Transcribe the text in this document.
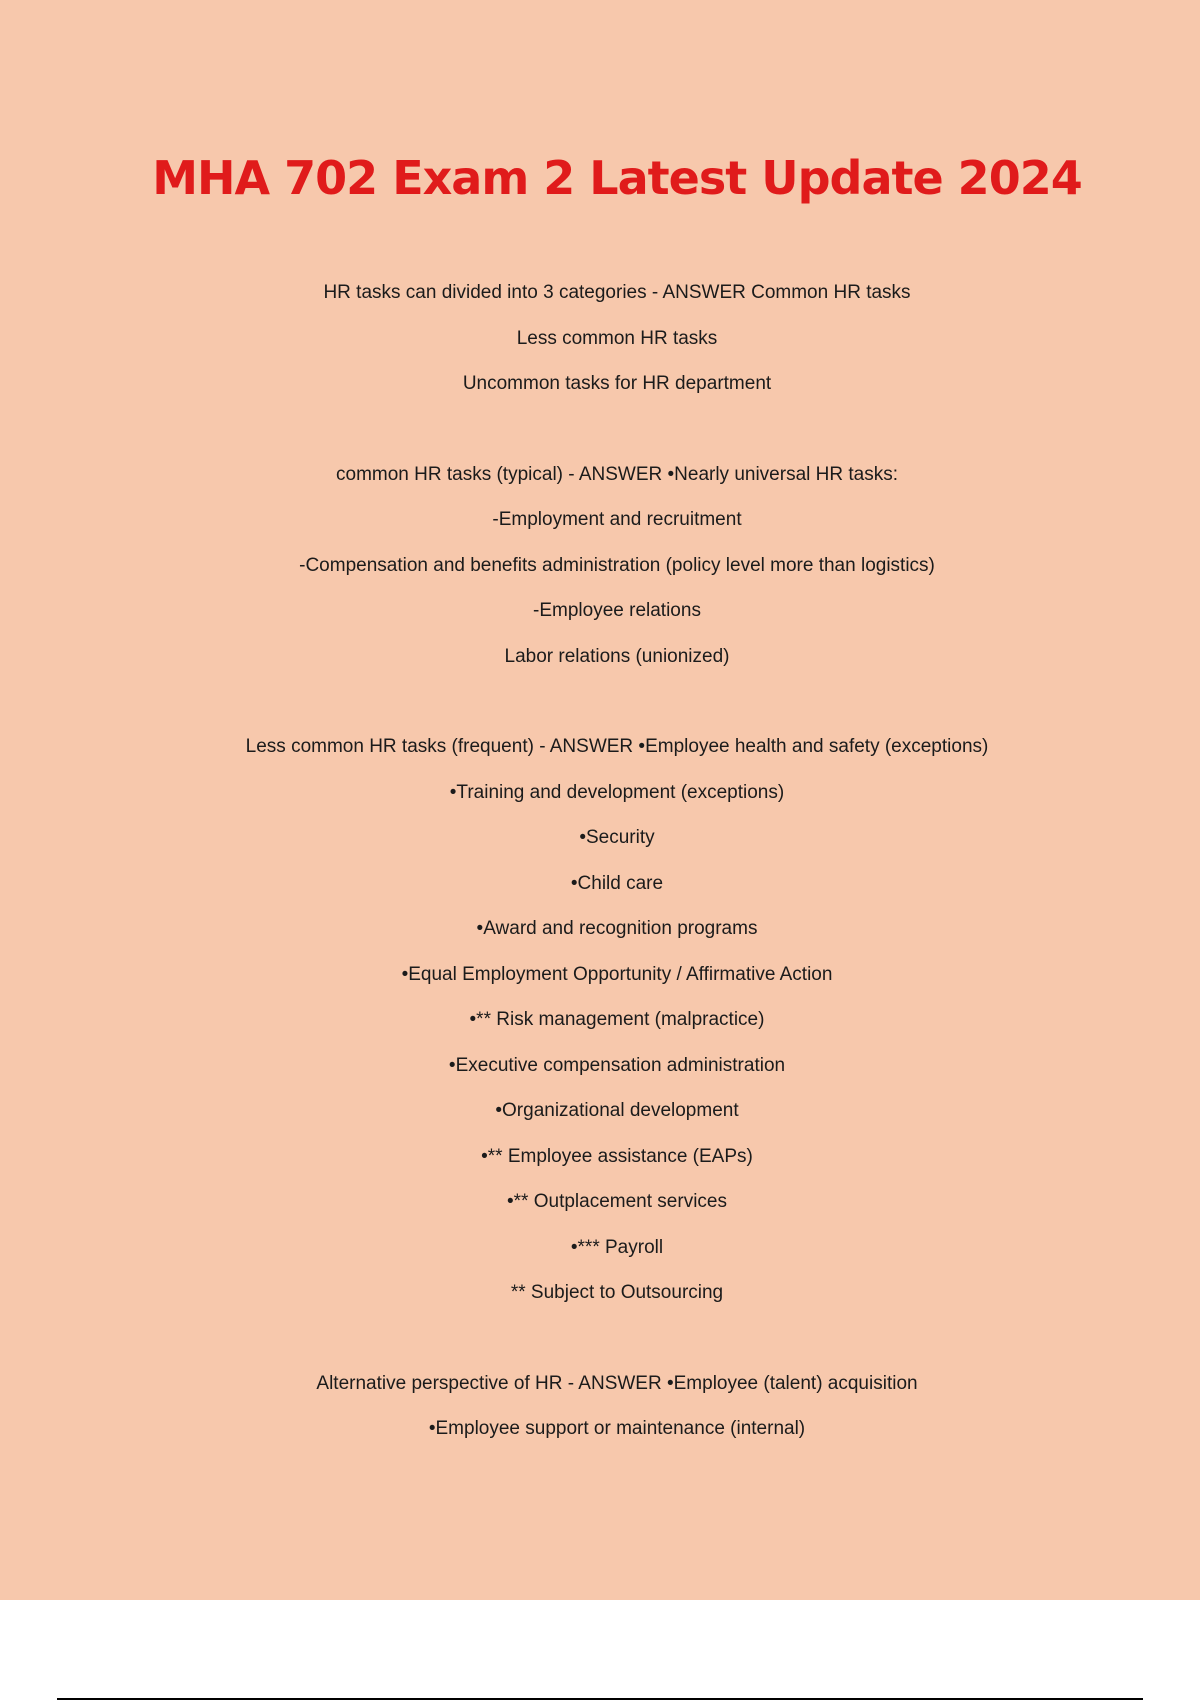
MHA 702 Exam 2 Latest Update 2024

HR tasks can divided into 3 categories - ANSWER Common HR tasks

Less common HR tasks

Uncommon tasks for HR department

common HR tasks (typical) - ANSWER •Nearly universal HR tasks:

-Employment and recruitment

-Compensation and benefits administration (policy level more than logistics)

-Employee relations

Labor relations (unionized)

Less common HR tasks (frequent) - ANSWER •Employee health and safety (exceptions)

•Training and development (exceptions)

•Security

•Child care

•Award and recognition programs

•Equal Employment Opportunity / Affirmative Action

•** Risk management (malpractice)

•Executive compensation administration

•Organizational development

•** Employee assistance (EAPs)

•** Outplacement services

•*** Payroll

** Subject to Outsourcing

Alternative perspective of HR - ANSWER •Employee (talent) acquisition

•Employee support or maintenance (internal)
